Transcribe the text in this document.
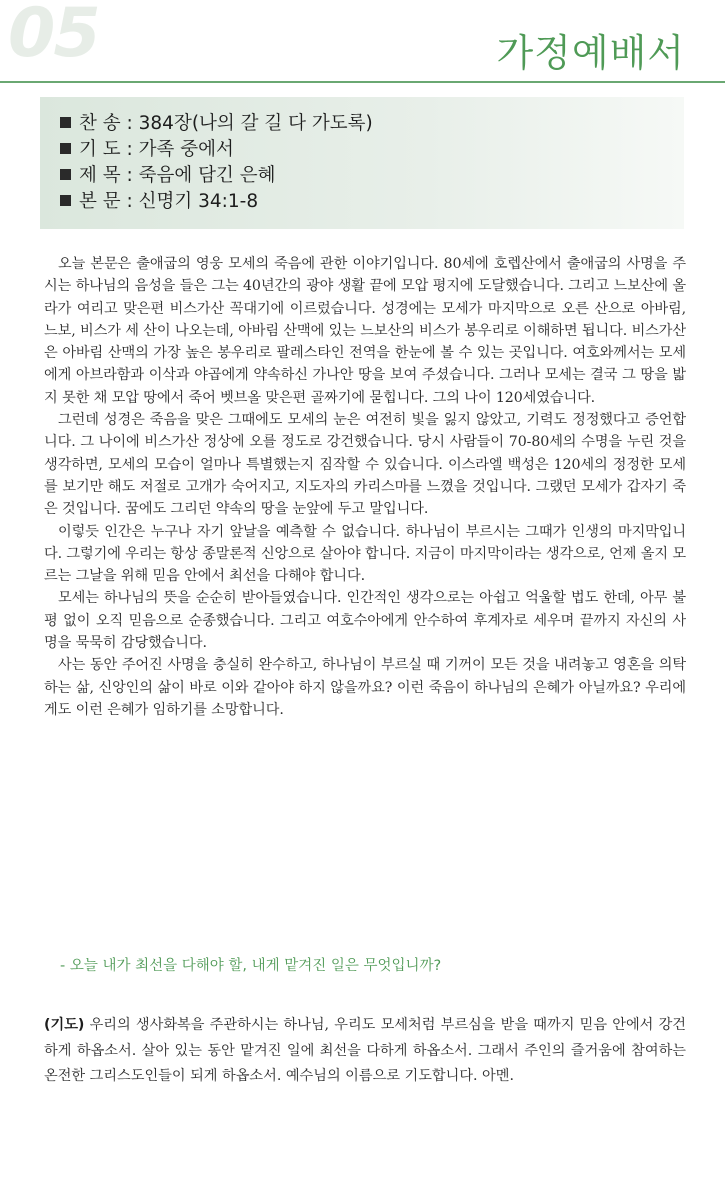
05	가정예배서
찬 송 : 384장(나의 갈 길 다 가도록)
기 도 : 가족 중에서
제 목 : 죽음에 담긴 은혜
본 문 : 신명기 34:1-8

오늘 본문은 출애굽의 영웅 모세의 죽음에 관한 이야기입니다. 80세에 호렙산에서 출애굽의 사명을 주시는 하나님의 음성을 들은 그는 40년간의 광야 생활 끝에 모압 평지에 도달했습니다. 그리고 느보산에 올라가 여리고 맞은편 비스가산 꼭대기에 이르렀습니다. 성경에는 모세가 마지막으로 오른 산으로 아바림, 느보, 비스가 세 산이 나오는데, 아바림 산맥에 있는 느보산의 비스가 봉우리로 이해하면 됩니다. 비스가산은 아바림 산맥의 가장 높은 봉우리로 팔레스타인 전역을 한눈에 볼 수 있는 곳입니다. 여호와께서는 모세에게 아브라함과 이삭과 야곱에게 약속하신 가나안 땅을 보여 주셨습니다. 그러나 모세는 결국 그 땅을 밟지 못한 채 모압 땅에서 죽어 벳브올 맞은편 골짜기에 묻힙니다. 그의 나이 120세였습니다.

그런데 성경은 죽음을 맞은 그때에도 모세의 눈은 여전히 빛을 잃지 않았고, 기력도 정정했다고 증언합니다. 그 나이에 비스가산 정상에 오를 정도로 강건했습니다. 당시 사람들이 70-80세의 수명을 누린 것을 생각하면, 모세의 모습이 얼마나 특별했는지 짐작할 수 있습니다. 이스라엘 백성은 120세의 정정한 모세를 보기만 해도 저절로 고개가 숙어지고, 지도자의 카리스마를 느꼈을 것입니다. 그랬던 모세가 갑자기 죽은 것입니다. 꿈에도 그리던 약속의 땅을 눈앞에 두고 말입니다.

이렇듯 인간은 누구나 자기 앞날을 예측할 수 없습니다. 하나님이 부르시는 그때가 인생의 마지막입니다. 그렇기에 우리는 항상 종말론적 신앙으로 살아야 합니다. 지금이 마지막이라는 생각으로, 언제 올지 모르는 그날을 위해 믿음 안에서 최선을 다해야 합니다.

모세는 하나님의 뜻을 순순히 받아들였습니다. 인간적인 생각으로는 아쉽고 억울할 법도 한데, 아무 불평 없이 오직 믿음으로 순종했습니다. 그리고 여호수아에게 안수하여 후계자로 세우며 끝까지 자신의 사명을 묵묵히 감당했습니다.

사는 동안 주어진 사명을 충실히 완수하고, 하나님이 부르실 때 기꺼이 모든 것을 내려놓고 영혼을 의탁하는 삶, 신앙인의 삶이 바로 이와 같아야 하지 않을까요? 이런 죽음이 하나님의 은혜가 아닐까요? 우리에게도 이런 은혜가 임하기를 소망합니다.

- 오늘 내가 최선을 다해야 할, 내게 맡겨진 일은 무엇입니까?
(기도) 우리의 생사화복을 주관하시는 하나님, 우리도 모세처럼 부르심을 받을 때까지 믿음 안에서 강건하게 하옵소서. 살아 있는 동안 맡겨진 일에 최선을 다하게 하옵소서. 그래서 주인의 즐거움에 참여하는 온전한 그리스도인들이 되게 하옵소서. 예수님의 이름으로 기도합니다. 아멘.
